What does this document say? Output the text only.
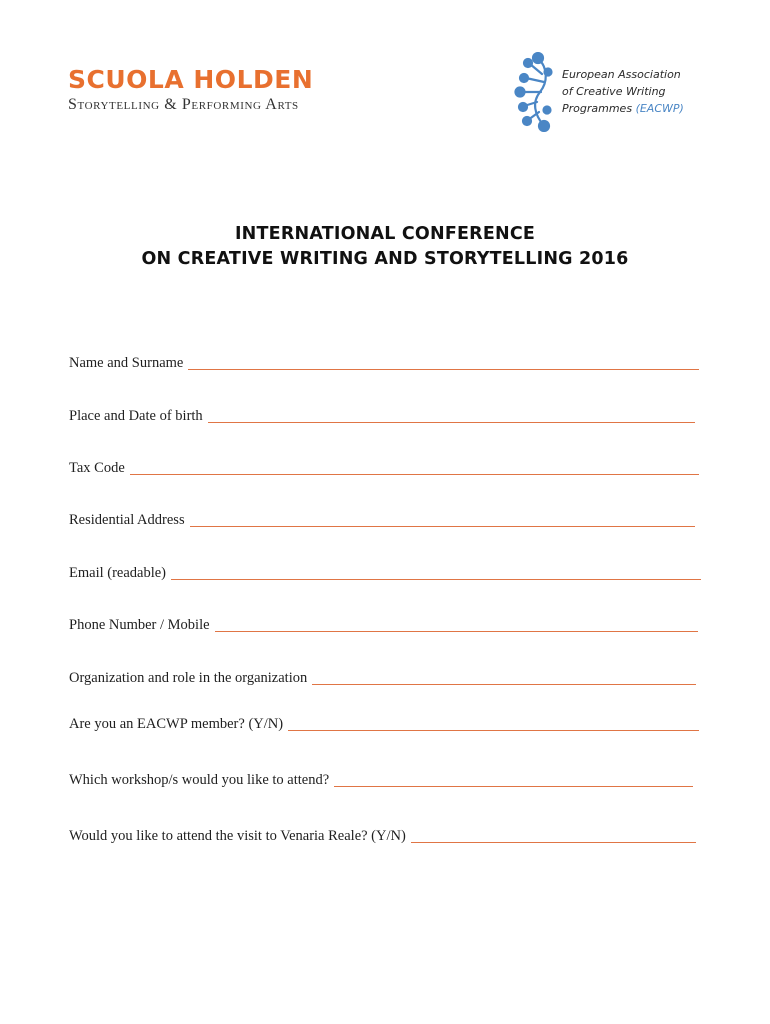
SCUOLA HOLDEN
Storytelling & Performing Arts
European Association
of Creative Writing
Programmes (EACWP)
INTERNATIONAL CONFERENCE
ON CREATIVE WRITING AND STORYTELLING 2016
Name and Surname
Place and Date of birth
Tax Code
Residential Address
Email (readable)
Phone Number / Mobile
Organization and role in the organization
Are you an EACWP member? (Y/N)
Which workshop/s would you like to attend?
Would you like to attend the visit to Venaria Reale? (Y/N)
